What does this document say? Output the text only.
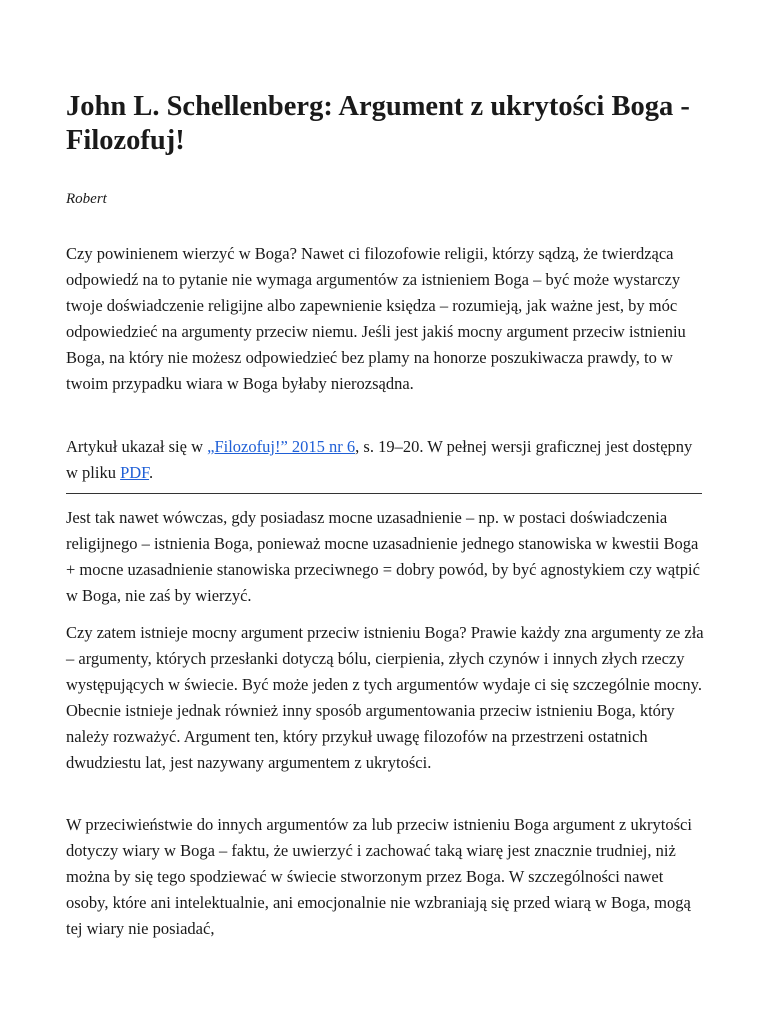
John L. Schellenberg: Argument z ukrytości Boga - Filozofuj!
Robert

Czy powinienem wierzyć w Boga? Nawet ci filozofowie religii, którzy sądzą, że twierdząca odpowiedź na to pytanie nie wymaga argumentów za istnieniem Boga – być może wystarczy twoje doświadczenie religijne albo zapewnienie księdza – rozumieją, jak ważne jest, by móc odpowiedzieć na argumenty przeciw niemu. Jeśli jest jakiś mocny argument przeciw istnieniu Boga, na który nie możesz odpowiedzieć bez plamy na honorze poszukiwacza prawdy, to w twoim przypadku wiara w Boga byłaby nierozsądna.

Artykuł ukazał się w „Filozofuj!” 2015 nr 6, s. 19–20. W pełnej wersji graficznej jest dostępny w pliku PDF.

Jest tak nawet wówczas, gdy posiadasz mocne uzasadnienie – np. w postaci doświadczenia religijnego – istnienia Boga, ponieważ mocne uzasadnienie jednego stanowiska w kwestii Boga + mocne uzasadnienie stanowiska przeciwnego = dobry powód, by być agnostykiem czy wątpić w Boga, nie zaś by wierzyć.

Czy zatem istnieje mocny argument przeciw istnieniu Boga? Prawie każdy zna argumenty ze zła – argumenty, których przesłanki dotyczą bólu, cierpienia, złych czynów i innych złych rzeczy występujących w świecie. Być może jeden z tych argumentów wydaje ci się szczególnie mocny. Obecnie istnieje jednak również inny sposób argumentowania przeciw istnieniu Boga, który należy rozważyć. Argument ten, który przykuł uwagę filozofów na przestrzeni ostatnich dwudziestu lat, jest nazywany argumentem z ukrytości.

W przeciwieństwie do innych argumentów za lub przeciw istnieniu Boga argument z ukrytości dotyczy wiary w Boga – faktu, że uwierzyć i zachować taką wiarę jest znacznie trudniej, niż można by się tego spodziewać w świecie stworzonym przez Boga. W szczególności nawet osoby, które ani intelektualnie, ani emocjonalnie nie wzbraniają się przed wiarą w Boga, mogą tej wiary nie posiadać,
